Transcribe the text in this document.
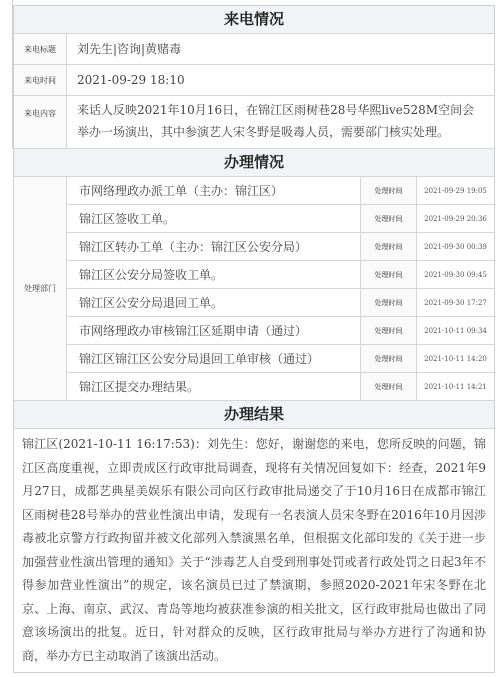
来电情况
来电标题	刘先生|咨询|黄赌毒
来电时间	2021-09-29 18:10
来电内容	来话人反映2021年10月16日，在锦江区雨树巷28号华熙live528M空间会举办一场演出，其中参演艺人宋冬野是吸毒人员，需要部门核实处理。
办理情况
处理部门
市网络理政办派工单（主办：锦江区）	处理时间	2021-09-29 19:05
锦江区签收工单。	处理时间	2021-09-29 20:36
锦江区转办工单（主办：锦江区公安分局）	处理时间	2021-09-30 00:39
锦江区公安分局签收工单。	处理时间	2021-09-30 09:45
锦江区公安分局退回工单。	处理时间	2021-09-30 17:27
市网络理政办审核锦江区延期申请（通过）	处理时间	2021-10-11 09:34
锦江区锦江区公安分局退回工单审核（通过）	处理时间	2021-10-11 14:20
锦江区提交办理结果。	处理时间	2021-10-11 14:21
办理结果
锦江区(2021-10-11 16:17:53)：刘先生：您好，谢谢您的来电，您所反映的问题，锦江区高度重视，立即责成区行政审批局调查，现将有关情况回复如下：经查，2021年9月27日，成都艺典星美娱乐有限公司向区行政审批局递交了于10月16日在成都市锦江区雨树巷28号举办的营业性演出申请，发现有一名表演人员宋冬野在2016年10月因涉毒被北京警方行政拘留并被文化部列入禁演黑名单，但根据文化部印发的《关于进一步加强营业性演出管理的通知》关于“涉毒艺人自受到刑事处罚或者行政处罚之日起3年不得参加营业性演出”的规定，该名演员已过了禁演期，参照2020-2021年宋冬野在北京、上海、南京、武汉、青岛等地均被获准参演的相关批文，区行政审批局也做出了同意该场演出的批复。近日，针对群众的反映，区行政审批局与举办方进行了沟通和协商，举办方已主动取消了该演出活动。
